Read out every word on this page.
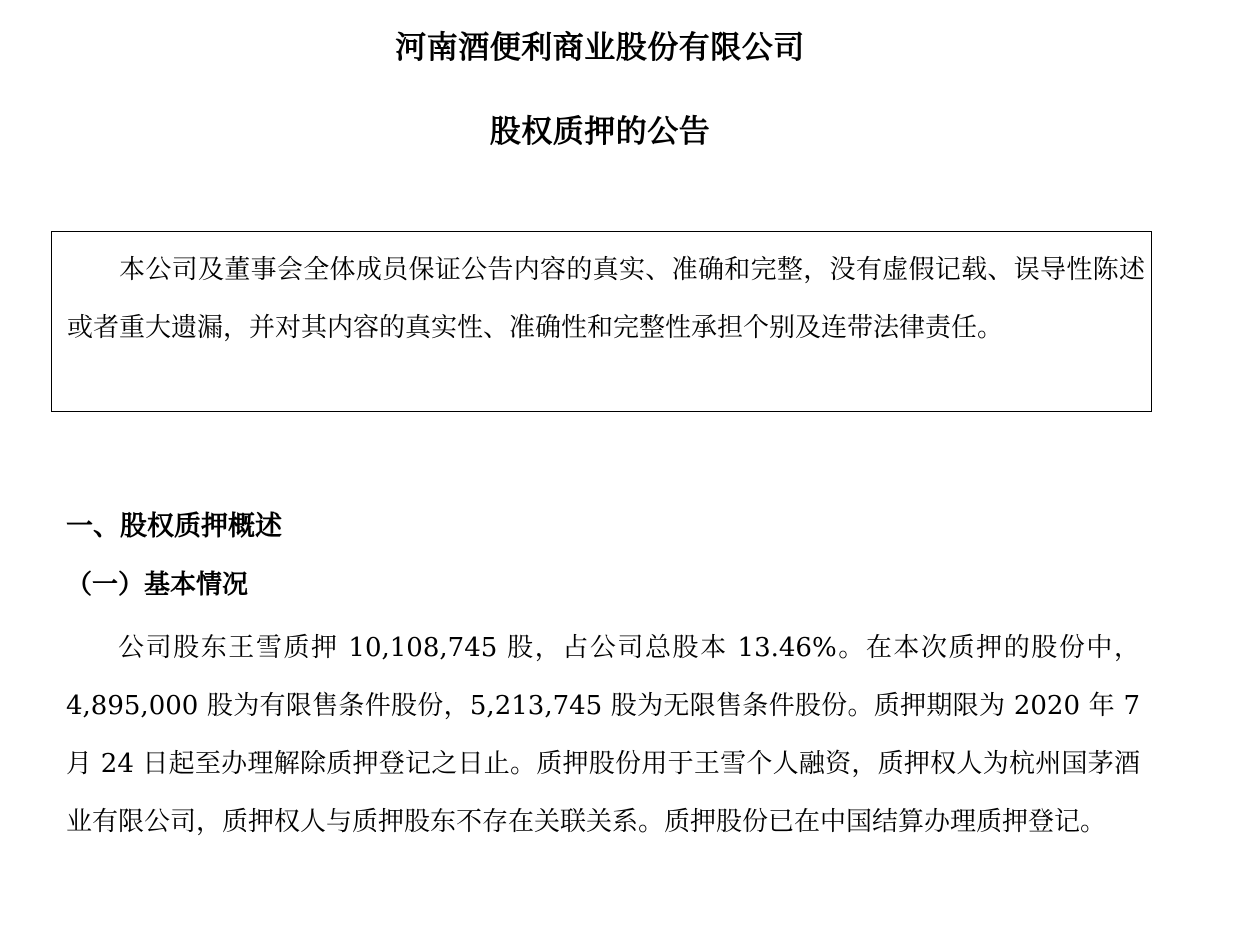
河南酒便利商业股份有限公司
股权质押的公告

本公司及董事会全体成员保证公告内容的真实、准确和完整，没有虚假记载、误导性陈述或者重大遗漏，并对其内容的真实性、准确性和完整性承担个别及连带法律责任。

一、股权质押概述
（一）基本情况

公司股东王雪质押 10,108,745 股，占公司总股本 13.46%。在本次质押的股份中，4,895,000 股为有限售条件股份，5,213,745 股为无限售条件股份。质押期限为 2020 年 7 月 24 日起至办理解除质押登记之日止。质押股份用于王雪个人融资，质押权人为杭州国茅酒业有限公司，质押权人与质押股东不存在关联关系。质押股份已在中国结算办理质押登记。
